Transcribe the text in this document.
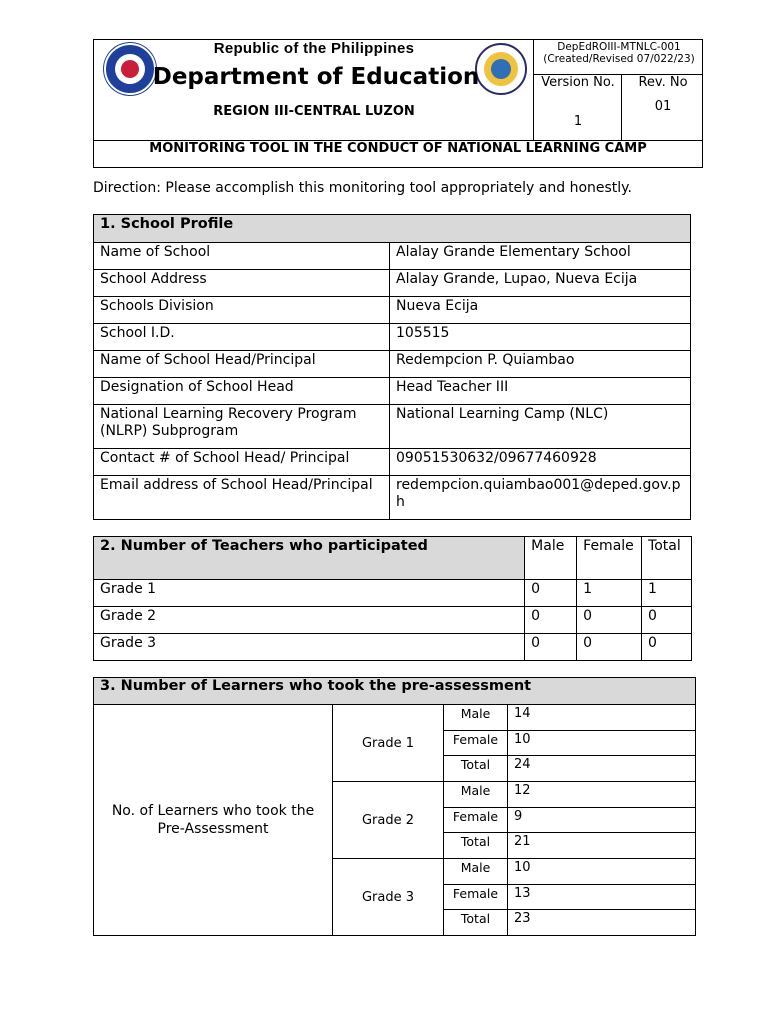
Republic of the Philippines
Department of Education
REGION III-CENTRAL LUZON
DepEdROIII-MTNLC-001
(Created/Revised 07/022/23)
Version No.
1
Rev. No
01
MONITORING TOOL IN THE CONDUCT OF NATIONAL LEARNING CAMP
Direction: Please accomplish this monitoring tool appropriately and honestly.
1. School Profile	
Name of School	Alalay Grande Elementary School
School Address	Alalay Grande, Lupao, Nueva Ecija
Schools Division	Nueva Ecija
School I.D.	105515
Name of School Head/Principal	Redempcion P. Quiambao
Designation of School Head	Head Teacher III
National Learning Recovery Program (NLRP) Subprogram	National Learning Camp (NLC)
Contact # of School Head/ Principal	09051530632/09677460928
Email address of School Head/Principal	redempcion.quiambao001@deped.gov.ph
2. Number of Teachers who participated	Male	Female	Total
Grade 1	0	1	1
Grade 2	0	0	0
Grade 3	0	0	0
3. Number of Learners who took the pre-assessment			
No. of Learners who took the Pre-Assessment	Grade 1	Male	14
		Female	10
		Total	24
	Grade 2	Male	12
		Female	9
		Total	21
	Grade 3	Male	10
		Female	13
		Total	23
